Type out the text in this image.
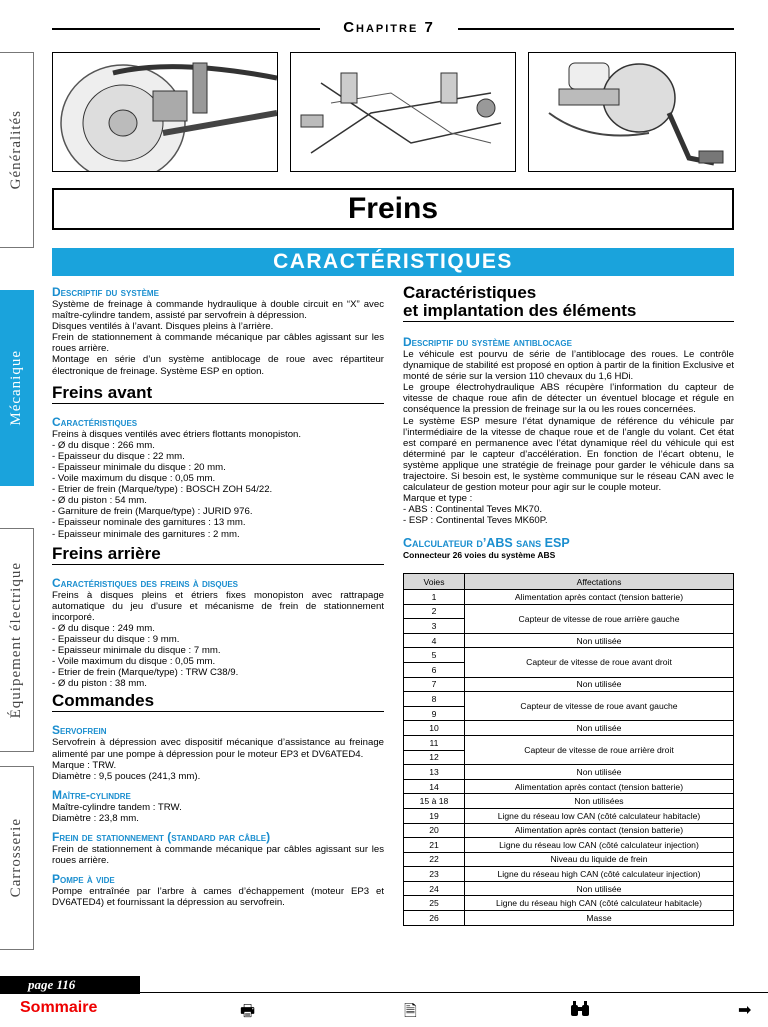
Chapitre 7
Généralités
Mécanique
Équipement électrique
Carrosserie
Freins
CARACTÉRISTIQUES
Descriptif du système

Système de freinage à commande hydraulique à double circuit en “X” avec maître-cylindre tandem, assisté par servofrein à dépression.

Disques ventilés à l’avant. Disques pleins à l’arrière.

Frein de stationnement à commande mécanique par câbles agissant sur les roues arrière.

Montage en série d’un système antiblocage de roue avec répartiteur électronique de freinage. Système ESP en option.

Freins avant
Caractéristiques

Freins à disques ventilés avec étriers flottants monopiston.

- Ø du disque : 266 mm.

- Epaisseur du disque : 22 mm.

- Epaisseur minimale du disque : 20 mm.

- Voile maximum du disque : 0,05 mm.

- Etrier de frein (Marque/type) : BOSCH ZOH 54/22.

- Ø du piston : 54 mm.

- Garniture de frein (Marque/type) : JURID 976.

- Epaisseur nominale des garnitures : 13 mm.

- Epaisseur minimale des garnitures : 2 mm.

Freins arrière
Caractéristiques des freins à disques

Freins à disques pleins et étriers fixes monopiston avec rattrapage automatique du jeu d’usure et mécanisme de frein de stationnement incorporé.

- Ø du disque : 249 mm.

- Epaisseur du disque : 9 mm.

- Epaisseur minimale du disque : 7 mm.

- Voile maximum du disque : 0,05 mm.

- Etrier de frein (Marque/type) : TRW C38/9.

- Ø du piston : 38 mm.

Commandes
Servofrein

Servofrein à dépression avec dispositif mécanique d’assistance au freinage alimenté par une pompe à dépression pour le moteur EP3 et DV6ATED4.

Marque : TRW.

Diamètre : 9,5 pouces (241,3 mm).

Maître-cylindre

Maître-cylindre tandem : TRW.

Diamètre : 23,8 mm.

Frein de stationnement (standard par câble)

Frein de stationnement à commande mécanique par câbles agissant sur les roues arrière.

Pompe à vide

Pompe entraînée par l’arbre à cames d’échappement (moteur EP3 et DV6ATED4) et fournissant la dépression au servofrein.

Caractéristiques
et implantation des éléments
Descriptif du système antiblocage

Le véhicule est pourvu de série de l’antiblocage des roues. Le contrôle dynamique de stabilité est proposé en option à partir de la finition Exclusive et monté de série sur la version 110 chevaux du 1,6 HDi.

Le groupe électrohydraulique ABS récupère l’information du capteur de vitesse de chaque roue afin de détecter un éventuel blocage et régule en conséquence la pression de freinage sur la ou les roues concernées.

Le système ESP mesure l’état dynamique de référence du véhicule par l’intermédiaire de la vitesse de chaque roue et de l’angle du volant. Cet état est comparé en permanence avec l’état dynamique réel du véhicule qui est déterminé par le capteur d’accélération. En fonction de l’écart obtenu, le système applique une stratégie de freinage pour garder le véhicule dans sa trajectoire. Si besoin est, le système communique sur le réseau CAN avec le calculateur de gestion moteur pour agir sur le couple moteur.

Marque et type :

- ABS : Continental Teves MK70.

- ESP : Continental Teves MK60P.

Calculateur d’ABS sans ESP
Connecteur 26 voies du système ABS
Voies	Affectations
1	Alimentation après contact (tension batterie)
2	Capteur de vitesse de roue arrière gauche
3	
4	Non utilisée
5	Capteur de vitesse de roue avant droit
6	
7	Non utilisée
8	Capteur de vitesse de roue avant gauche
9	
10	Non utilisée
11	Capteur de vitesse de roue arrière droit
12	
13	Non utilisée
14	Alimentation après contact (tension batterie)
15 à 18	Non utilisées
19	Ligne du réseau low CAN (côté calculateur habitacle)
20	Alimentation après contact (tension batterie)
21	Ligne du réseau low CAN (côté calculateur injection)
22	Niveau du liquide de frein
23	Ligne du réseau high CAN (côté calculateur injection)
24	Non utilisée
25	Ligne du réseau high CAN (côté calculateur habitacle)
26	Masse
page 116
Sommaire	🖶	🗎	➡
